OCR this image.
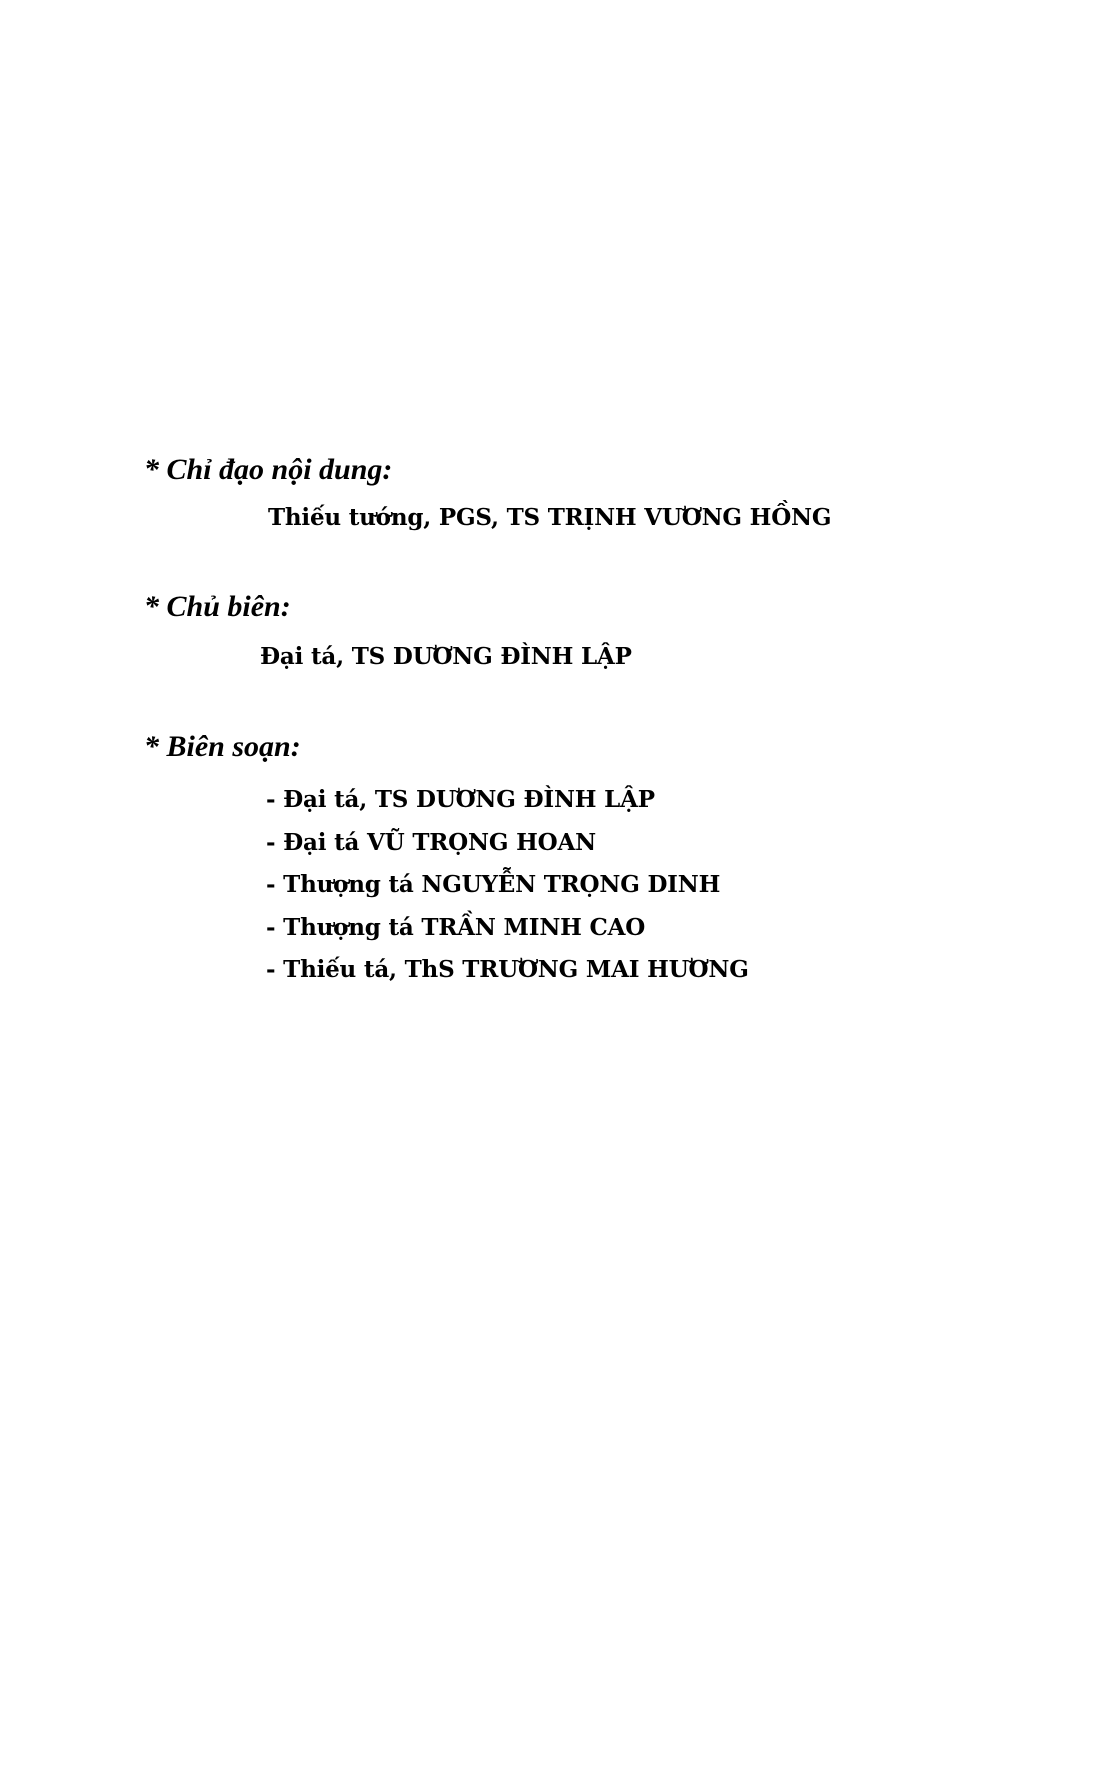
* Chỉ đạo nội dung:

Thiếu tướng, PGS, TS TRỊNH VƯƠNG HỒNG

* Chủ biên:

Đại tá, TS DƯƠNG ĐÌNH LẬP

* Biên soạn:

- Đại tá, TS DƯƠNG ĐÌNH LẬP
- Đại tá VŨ TRỌNG HOAN
- Thượng tá NGUYỄN TRỌNG DINH
- Thượng tá TRẦN MINH CAO
- Thiếu tá, ThS TRƯƠNG MAI HƯƠNG
